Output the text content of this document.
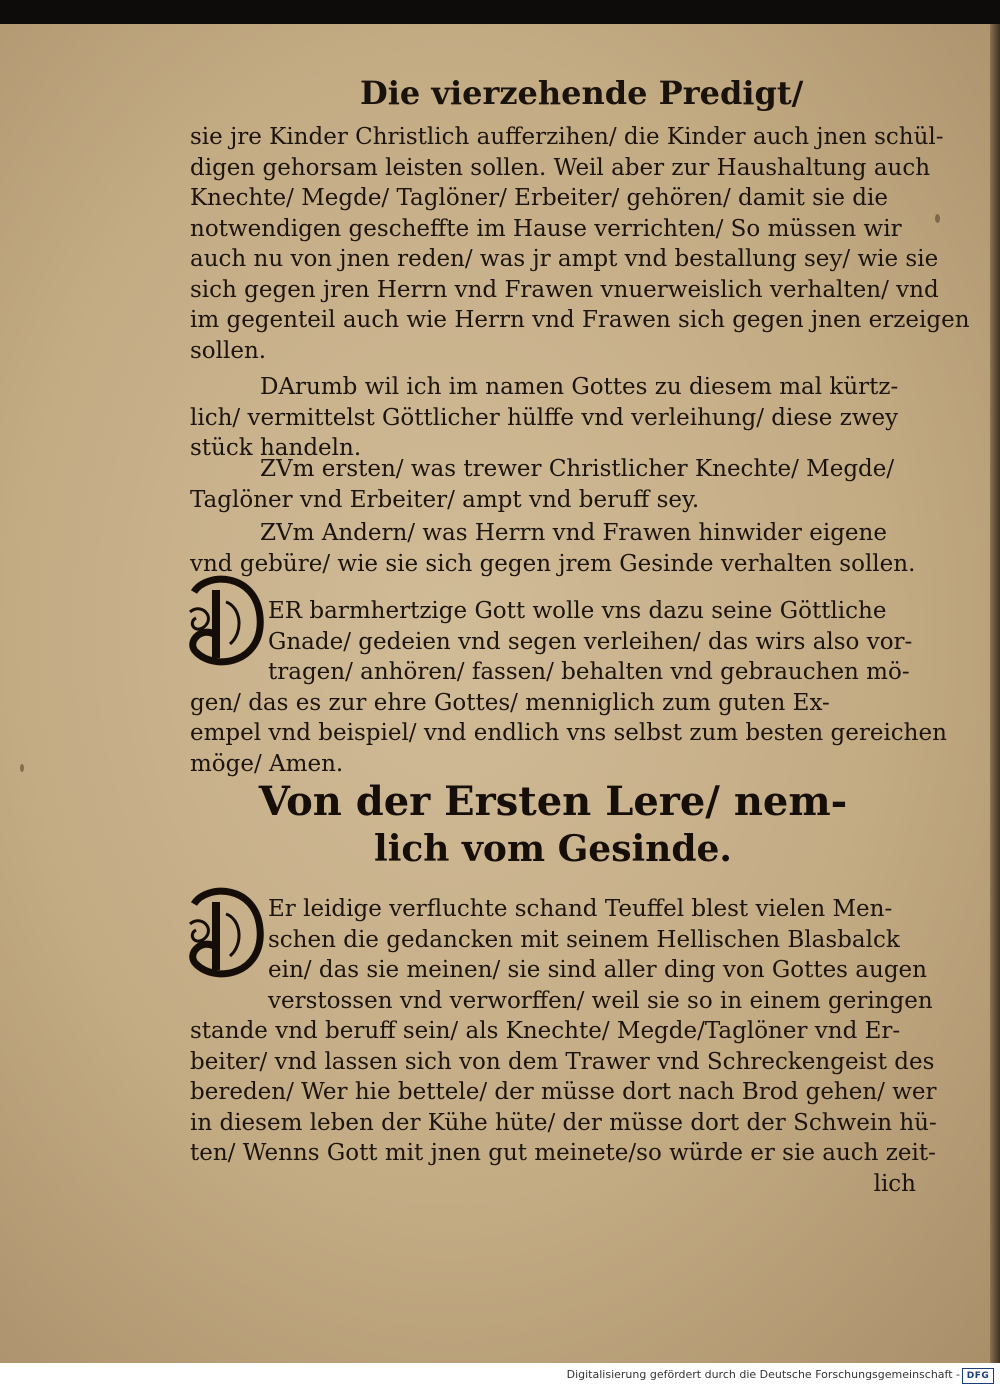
Die vierzehende Predigt/
sie jre Kinder Christlich aufferzihen/ die Kinder auch jnen schül-
digen gehorsam leisten sollen. Weil aber zur Haushaltung auch
Knechte/ Megde/ Taglöner/ Erbeiter/ gehören/ damit sie die
notwendigen gescheffte im Hause verrichten/ So müssen wir
auch nu von jnen reden/ was jr ampt vnd bestallung sey/ wie sie
sich gegen jren Herrn vnd Frawen vnuerweislich verhalten/ vnd
im gegenteil auch wie Herrn vnd Frawen sich gegen jnen erzeigen
sollen.
DArumb wil ich im namen Gottes zu diesem mal kürtz-
lich/ vermittelst Göttlicher hülffe vnd verleihung/ diese zwey
stück handeln.
ZVm ersten/ was trewer Christlicher Knechte/ Megde/
Taglöner vnd Erbeiter/ ampt vnd beruff sey.
ZVm Andern/ was Herrn vnd Frawen hinwider eigene
vnd gebüre/ wie sie sich gegen jrem Gesinde verhalten sollen.
ER barmhertzige Gott wolle vns dazu seine Göttliche
Gnade/ gedeien vnd segen verleihen/ das wirs also vor-
tragen/ anhören/ fassen/ behalten vnd gebrauchen mö-
gen/ das es zur ehre Gottes/ menniglich zum guten Ex-
empel vnd beispiel/ vnd endlich vns selbst zum besten gereichen
möge/ Amen.
Von der Ersten Lere/ nem-
lich vom Gesinde.
Er leidige verfluchte schand Teuffel blest vielen Men-
schen die gedancken mit seinem Hellischen Blasbalck
ein/ das sie meinen/ sie sind aller ding von Gottes augen
verstossen vnd verworffen/ weil sie so in einem geringen
stande vnd beruff sein/ als Knechte/ Megde/Taglöner vnd Er-
beiter/ vnd lassen sich von dem Trawer vnd Schreckengeist des
bereden/ Wer hie bettele/ der müsse dort nach Brod gehen/ wer
in diesem leben der Kühe hüte/ der müsse dort der Schwein hü-
ten/ Wenns Gott mit jnen gut meinete/so würde er sie auch zeit-
lich
Digitalisierung gefördert durch die Deutsche Forschungsgemeinschaft - DFG
